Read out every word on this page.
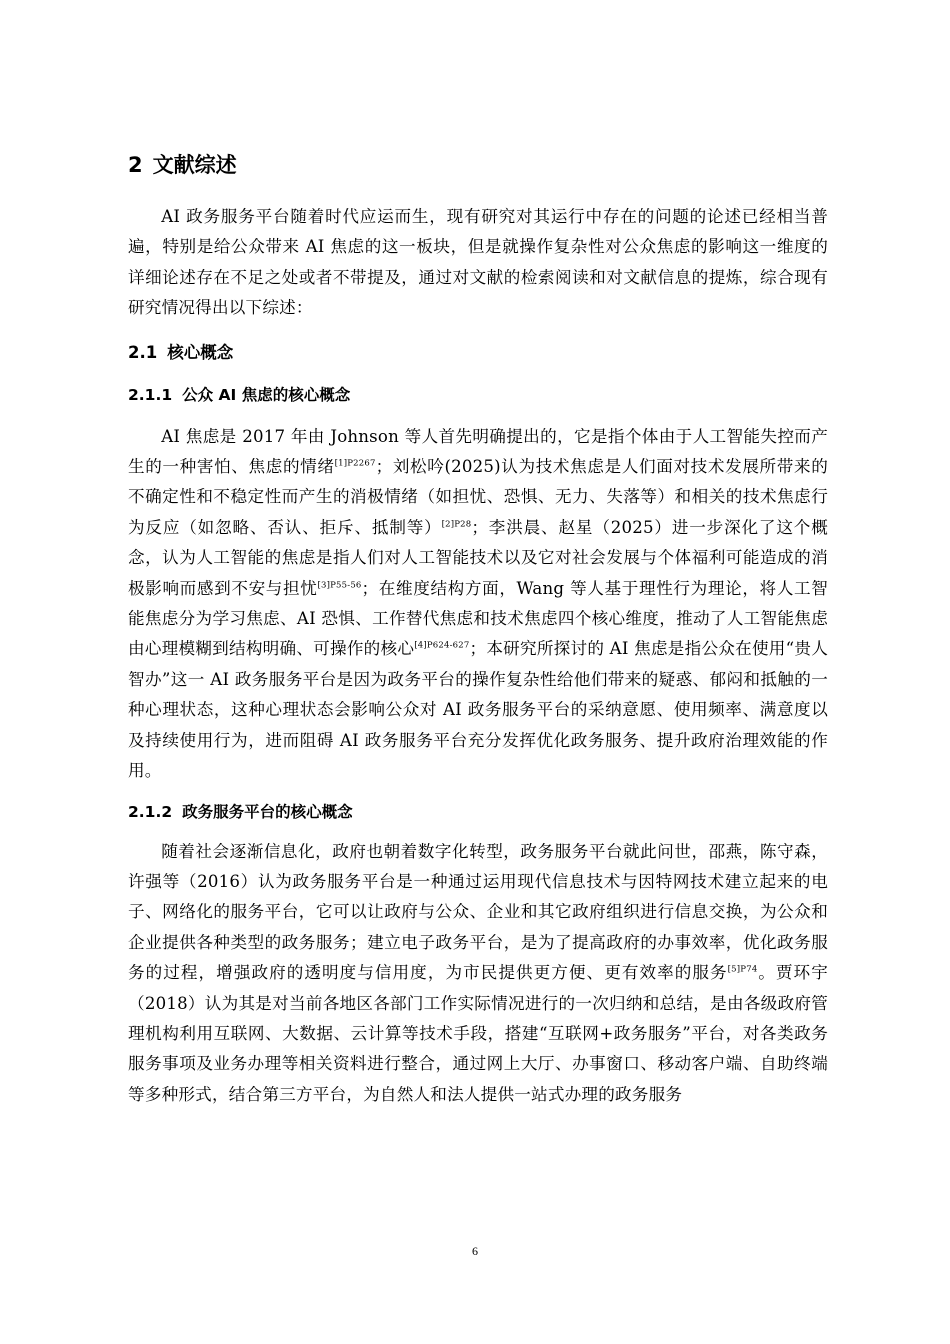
2 文献综述

AI 政务服务平台随着时代应运而生，现有研究对其运行中存在的问题的论述已经相当普遍，特别是给公众带来 AI 焦虑的这一板块，但是就操作复杂性对公众焦虑的影响这一维度的详细论述存在不足之处或者不带提及，通过对文献的检索阅读和对文献信息的提炼，综合现有研究情况得出以下综述：

2.1 核心概念
2.1.1 公众 AI 焦虑的核心概念

AI 焦虑是 2017 年由 Johnson 等人首先明确提出的，它是指个体由于人工智能失控而产生的一种害怕、焦虑的情绪$^{[1]P2267}$；刘松吟(2025)认为技术焦虑是人们面对技术发展所带来的不确定性和不稳定性而产生的消极情绪（如担忧、恐惧、无力、失落等）和相关的技术焦虑行为反应（如忽略、否认、拒斥、抵制等）$^{[2]P28}$；李洪晨、赵星（2025）进一步深化了这个概念，认为人工智能的焦虑是指人们对人工智能技术以及它对社会发展与个体福利可能造成的消极影响而感到不安与担忧$^{[3]P55-56}$；在维度结构方面，Wang 等人基于理性行为理论，将人工智能焦虑分为学习焦虑、AI 恐惧、工作替代焦虑和技术焦虑四个核心维度，推动了人工智能焦虑由心理模糊到结构明确、可操作的核心$^{[4]P624-627}$；本研究所探讨的 AI 焦虑是指公众在使用“贵人智办”这一 AI 政务服务平台是因为政务平台的操作复杂性给他们带来的疑惑、郁闷和抵触的一种心理状态，这种心理状态会影响公众对 AI 政务服务平台的采纳意愿、使用频率、满意度以及持续使用行为，进而阻碍 AI 政务服务平台充分发挥优化政务服务、提升政府治理效能的作用。

2.1.2 政务服务平台的核心概念

随着社会逐渐信息化，政府也朝着数字化转型，政务服务平台就此问世，邵燕，陈守森，许强等（2016）认为政务服务平台是一种通过运用现代信息技术与因特网技术建立起来的电子、网络化的服务平台，它可以让政府与公众、企业和其它政府组织进行信息交换，为公众和企业提供各种类型的政务服务；建立电子政务平台，是为了提高政府的办事效率，优化政务服务的过程，增强政府的透明度与信用度，为市民提供更方便、更有效率的服务$^{[5]P74}$。贾环宇（2018）认为其是对当前各地区各部门工作实际情况进行的一次归纳和总结，是由各级政府管理机构利用互联网、大数据、云计算等技术手段，搭建“互联网+政务服务”平台，对各类政务服务事项及业务办理等相关资料进行整合，通过网上大厅、办事窗口、移动客户端、自助终端等多种形式，结合第三方平台，为自然人和法人提供一站式办理的政务服务

6
